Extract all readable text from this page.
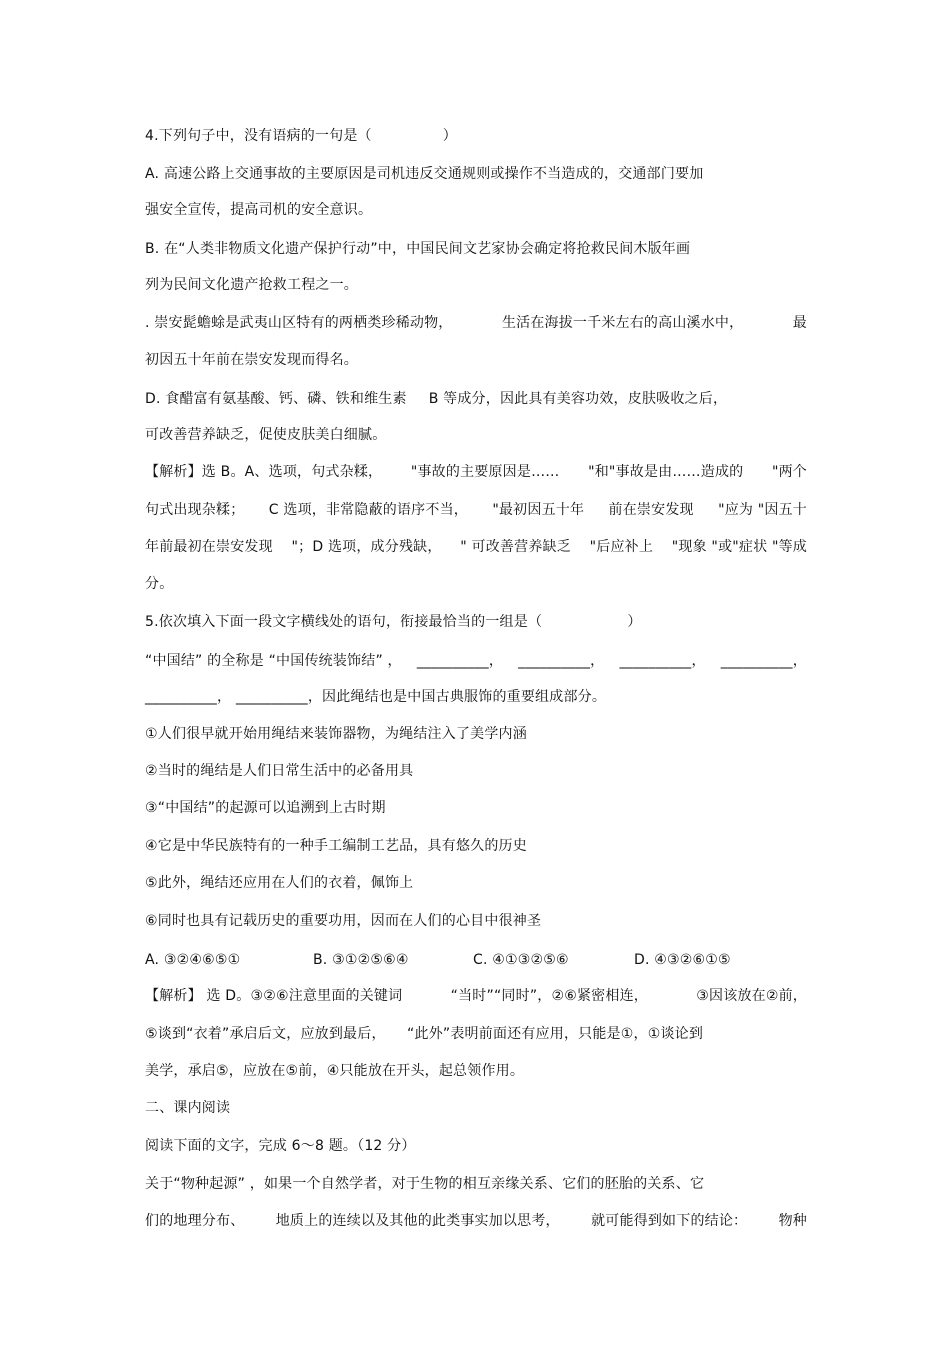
4.下列句子中，没有语病的一句是（　　　　　）
A. 高速公路上交通事故的主要原因是司机违反交通规则或操作不当造成的，交通部门要加
强安全宣传，提高司机的安全意识。
B. 在“人类非物质文化遗产保护行动”中，中国民间文艺家协会确定将抢救民间木版年画
列为民间文化遗产抢救工程之一。
. 崇安髭蟾蜍是武夷山区特有的两栖类珍稀动物，	生活在海拔一千米左右的高山溪水中，	最
初因五十年前在崇安发现而得名。
D. 食醋富有氨基酸、钙、磷、铁和维生素 B 等成分，因此具有美容功效，皮肤吸收之后，
可改善营养缺乏，促使皮肤美白细腻。
【解析】选 B。A、选项，句式杂糅， "事故的主要原因是…… "和"事故是由……造成的 "两个
句式出现杂糅； C 选项，非常隐蔽的语序不当， "最初因五十年 前在崇安发现 "应为 "因五十
年前最初在崇安发现 "；D 选项，成分残缺， " 可改善营养缺乏 "后应补上 "现象 "或"症状 "等成
分。
5.依次填入下面一段文字横线处的语句，衔接最恰当的一组是（　　　　　　）
“中国结” 的全称是 “中国传统装饰结” ， __________， __________， __________， __________，
__________， __________，因此绳结也是中国古典服饰的重要组成部分。
①人们很早就开始用绳结来装饰器物，为绳结注入了美学内涵
②当时的绳结是人们日常生活中的必备用具
③“中国结”的起源可以追溯到上古时期
④它是中华民族特有的一种手工编制工艺品，具有悠久的历史
⑤此外，绳结还应用在人们的衣着，佩饰上
⑥同时也具有记载历史的重要功用，因而在人们的心目中很神圣
A. ③②④⑥⑤①	B. ③①②⑤⑥④	C. ④①③②⑤⑥	D. ④③②⑥①⑤
【解析】 选 D。③②⑥注意里面的关键词	“当时”“同时”，②⑥紧密相连，	③因该放在②前，
⑤谈到“衣着”承启后文，应放到最后，　　“此外”表明前面还有应用，只能是①，①谈论到
美学，承启⑤，应放在⑤前，④只能放在开头，起总领作用。
二、课内阅读
阅读下面的文字，完成 6～8 题。（12 分）
关于“物种起源” ，如果一个自然学者，对于生物的相互亲缘关系、它们的胚胎的关系、它
们的地理分布、 地质上的连续以及其他的此类事实加以思考， 就可能得到如下的结论： 物种
